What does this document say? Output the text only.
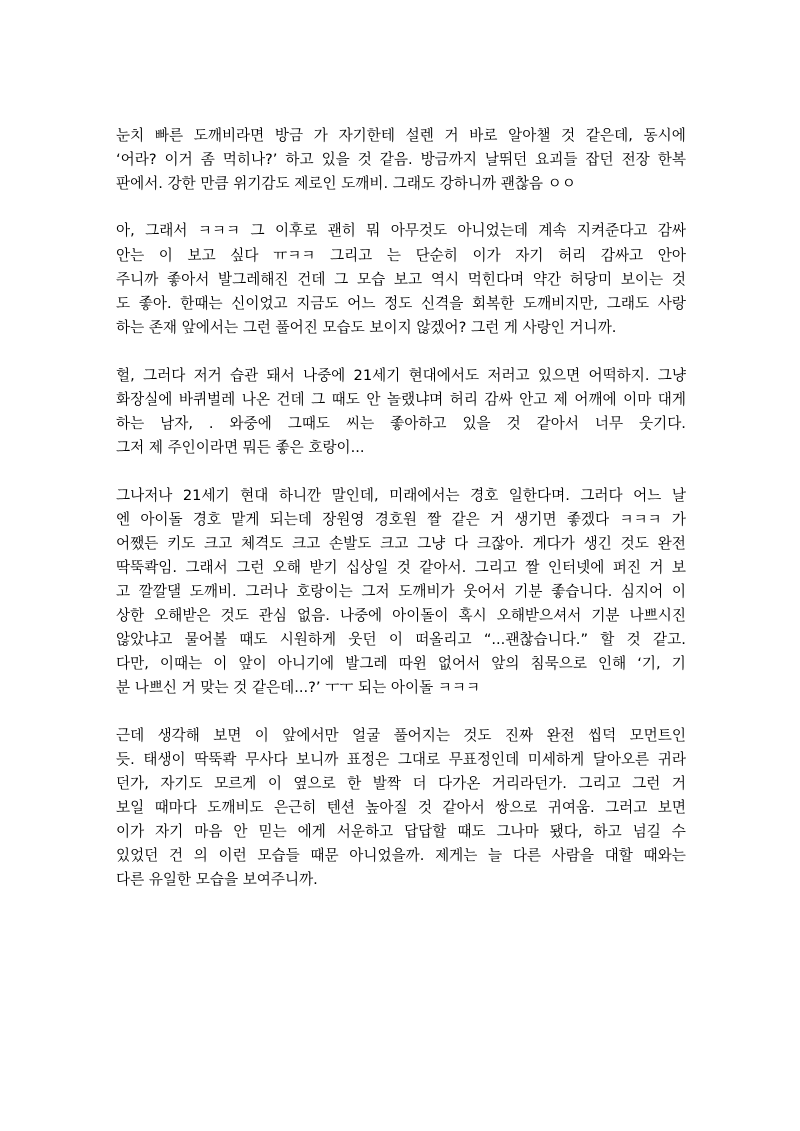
눈치 빠른 도깨비라면 방금 가 자기한테 설렌 거 바로 알아챌 것 같은데, 동시에
‘어라? 이거 좀 먹히나?’ 하고 있을 것 같음. 방금까지 날뛰던 요괴들 잡던 전장 한복
판에서. 강한 만큼 위기감도 제로인 도깨비. 그래도 강하니까 괜찮음 ㅇㅇ
아, 그래서 ㅋㅋㅋ 그 이후로 괜히 뭐 아무것도 아니었는데 계속 지켜준다고 감싸
안는 이 보고 싶다 ㅠㅋㅋ 그리고 는 단순히 이가 자기 허리 감싸고 안아
주니까 좋아서 발그레해진 건데 그 모습 보고 역시 먹힌다며 약간 허당미 보이는 것
도 좋아. 한때는 신이었고 지금도 어느 정도 신격을 회복한 도깨비지만, 그래도 사랑
하는 존재 앞에서는 그런 풀어진 모습도 보이지 않겠어? 그런 게 사랑인 거니까.
헐, 그러다 저거 습관 돼서 나중에 21세기 현대에서도 저러고 있으면 어떡하지. 그냥
화장실에 바퀴벌레 나온 건데 그 때도 안 놀랬냐며 허리 감싸 안고 제 어깨에 이마 대게
하는 남자, . 와중에 그때도 씨는 좋아하고 있을 것 같아서 너무 웃기다.
그저 제 주인이라면 뭐든 좋은 호랑이...
그나저나 21세기 현대 하니깐 말인데, 미래에서는 경호 일한다며. 그러다 어느 날
엔 아이돌 경호 맡게 되는데 장원영 경호원 짤 같은 거 생기면 좋겠다 ㅋㅋㅋ 가
어쨌든 키도 크고 체격도 크고 손발도 크고 그냥 다 크잖아. 게다가 생긴 것도 완전
딱뚝콱임. 그래서 그런 오해 받기 십상일 것 같아서. 그리고 짤 인터넷에 퍼진 거 보
고 깔깔댈 도깨비. 그러나 호랑이는 그저 도깨비가 웃어서 기분 좋습니다. 심지어 이
상한 오해받은 것도 관심 없음. 나중에 아이돌이 혹시 오해받으셔서 기분 나쁘시진
않았냐고 물어볼 때도 시원하게 웃던 이 떠올리고 “...괜찮습니다.” 할 것 같고.
다만, 이때는 이 앞이 아니기에 발그레 따윈 없어서 앞의 침묵으로 인해 ‘기, 기
분 나쁘신 거 맞는 것 같은데...?’ ㅜㅜ 되는 아이돌 ㅋㅋㅋ
근데 생각해 보면 이 앞에서만 얼굴 풀어지는 것도 진짜 완전 씹덕 모먼트인
듯. 태생이 딱뚝콱 무사다 보니까 표정은 그대로 무표정인데 미세하게 달아오른 귀라
던가, 자기도 모르게 이 옆으로 한 발짝 더 다가온 거리라던가. 그리고 그런 거
보일 때마다 도깨비도 은근히 텐션 높아질 것 같아서 쌍으로 귀여움. 그러고 보면
이가 자기 마음 안 믿는 에게 서운하고 답답할 때도 그나마 됐다, 하고 넘길 수
있었던 건 의 이런 모습들 때문 아니었을까. 제게는 늘 다른 사람을 대할 때와는
다른 유일한 모습을 보여주니까.
